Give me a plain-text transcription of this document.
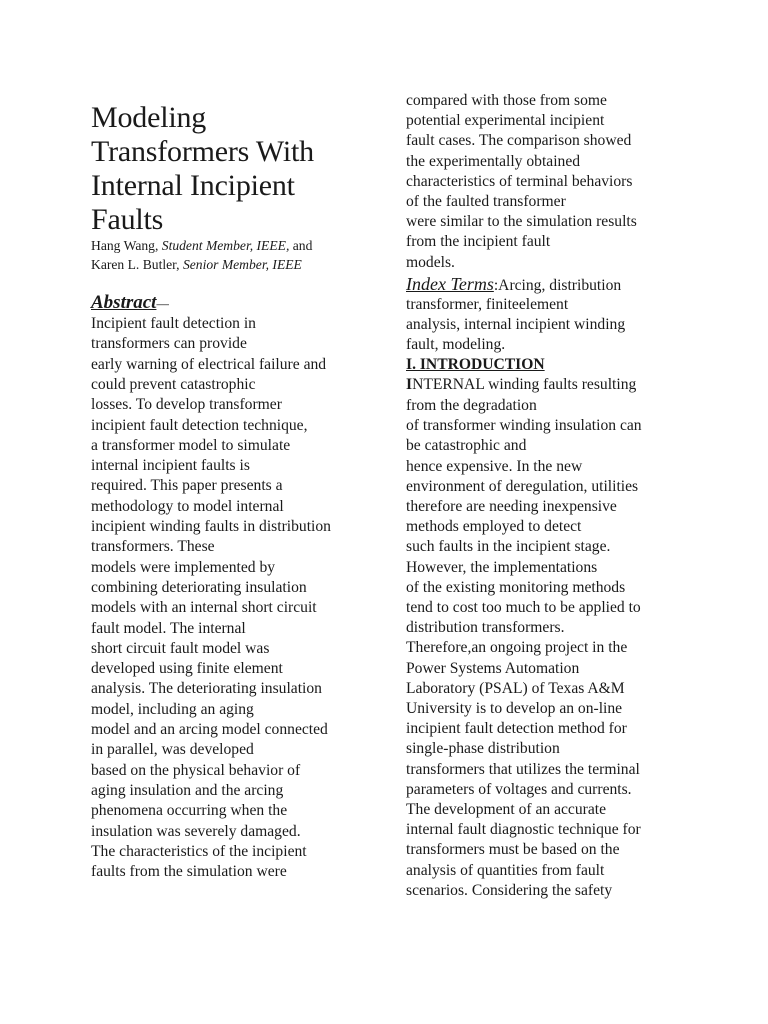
Modeling
Transformers With
Internal Incipient
Faults
Hang Wang, Student Member, IEEE, and
Karen L. Butler, Senior Member, IEEE
Abstract—
Incipient fault detection in
transformers can provide
early warning of electrical failure and
could prevent catastrophic
losses. To develop transformer
incipient fault detection technique,
a transformer model to simulate
internal incipient faults is
required. This paper presents a
methodology to model internal
incipient winding faults in distribution
transformers. These
models were implemented by
combining deteriorating insulation
models with an internal short circuit
fault model. The internal
short circuit fault model was
developed using finite element
analysis. The deteriorating insulation
model, including an aging
model and an arcing model connected
in parallel, was developed
based on the physical behavior of
aging insulation and the arcing
phenomena occurring when the
insulation was severely damaged.
The characteristics of the incipient
faults from the simulation were
compared with those from some
potential experimental incipient
fault cases. The comparison showed
the experimentally obtained
characteristics of terminal behaviors
of the faulted transformer
were similar to the simulation results
from the incipient fault
models.
Index Terms:Arcing, distribution
transformer, finiteelement
analysis, internal incipient winding
fault, modeling.
I. INTRODUCTION
INTERNAL winding faults resulting
from the degradation
of transformer winding insulation can
be catastrophic and
hence expensive. In the new
environment of deregulation, utilities
therefore are needing inexpensive
methods employed to detect
such faults in the incipient stage.
However, the implementations
of the existing monitoring methods
tend to cost too much to be applied to
distribution transformers.
Therefore,an ongoing project in the
Power Systems Automation
Laboratory (PSAL) of Texas A&M
University is to develop an on-line
incipient fault detection method for
single-phase distribution
transformers that utilizes the terminal
parameters of voltages and currents.
The development of an accurate
internal fault diagnostic technique for
transformers must be based on the
analysis of quantities from fault
scenarios. Considering the safety
